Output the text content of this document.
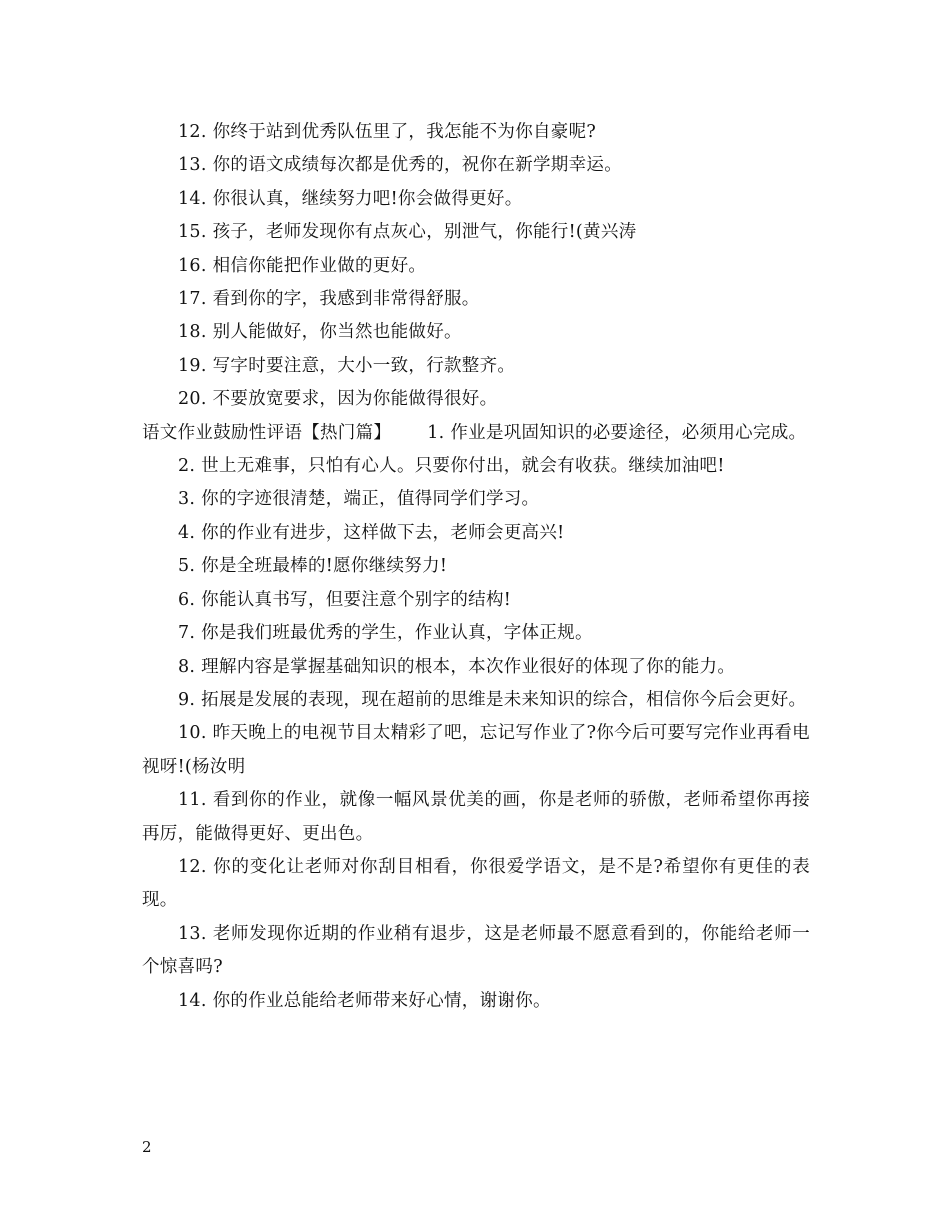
12. 你终于站到优秀队伍里了，我怎能不为你自豪呢?

13. 你的语文成绩每次都是优秀的，祝你在新学期幸运。

14. 你很认真，继续努力吧!你会做得更好。

15. 孩子，老师发现你有点灰心，别泄气，你能行!(黄兴涛

16. 相信你能把作业做的更好。

17. 看到你的字，我感到非常得舒服。

18. 别人能做好，你当然也能做好。

19. 写字时要注意，大小一致，行款整齐。

20. 不要放宽要求，因为你能做得很好。

语文作业鼓励性评语【热门篇】 1. 作业是巩固知识的必要途径，必须用心完成。

2. 世上无难事，只怕有心人。只要你付出，就会有收获。继续加油吧!

3. 你的字迹很清楚，端正，值得同学们学习。

4. 你的作业有进步，这样做下去，老师会更高兴!

5. 你是全班最棒的!愿你继续努力!

6. 你能认真书写，但要注意个别字的结构!

7. 你是我们班最优秀的学生，作业认真，字体正规。

8. 理解内容是掌握基础知识的根本，本次作业很好的体现了你的能力。

9. 拓展是发展的表现，现在超前的思维是未来知识的综合，相信你今后会更好。

10. 昨天晚上的电视节目太精彩了吧，忘记写作业了?你今后可要写完作业再看电视呀!(杨汝明

11. 看到你的作业，就像一幅风景优美的画，你是老师的骄傲，老师希望你再接再厉，能做得更好、更出色。

12. 你的变化让老师对你刮目相看，你很爱学语文，是不是?希望你有更佳的表现。

13. 老师发现你近期的作业稍有退步，这是老师最不愿意看到的，你能给老师一个惊喜吗?

14. 你的作业总能给老师带来好心情，谢谢你。

2
